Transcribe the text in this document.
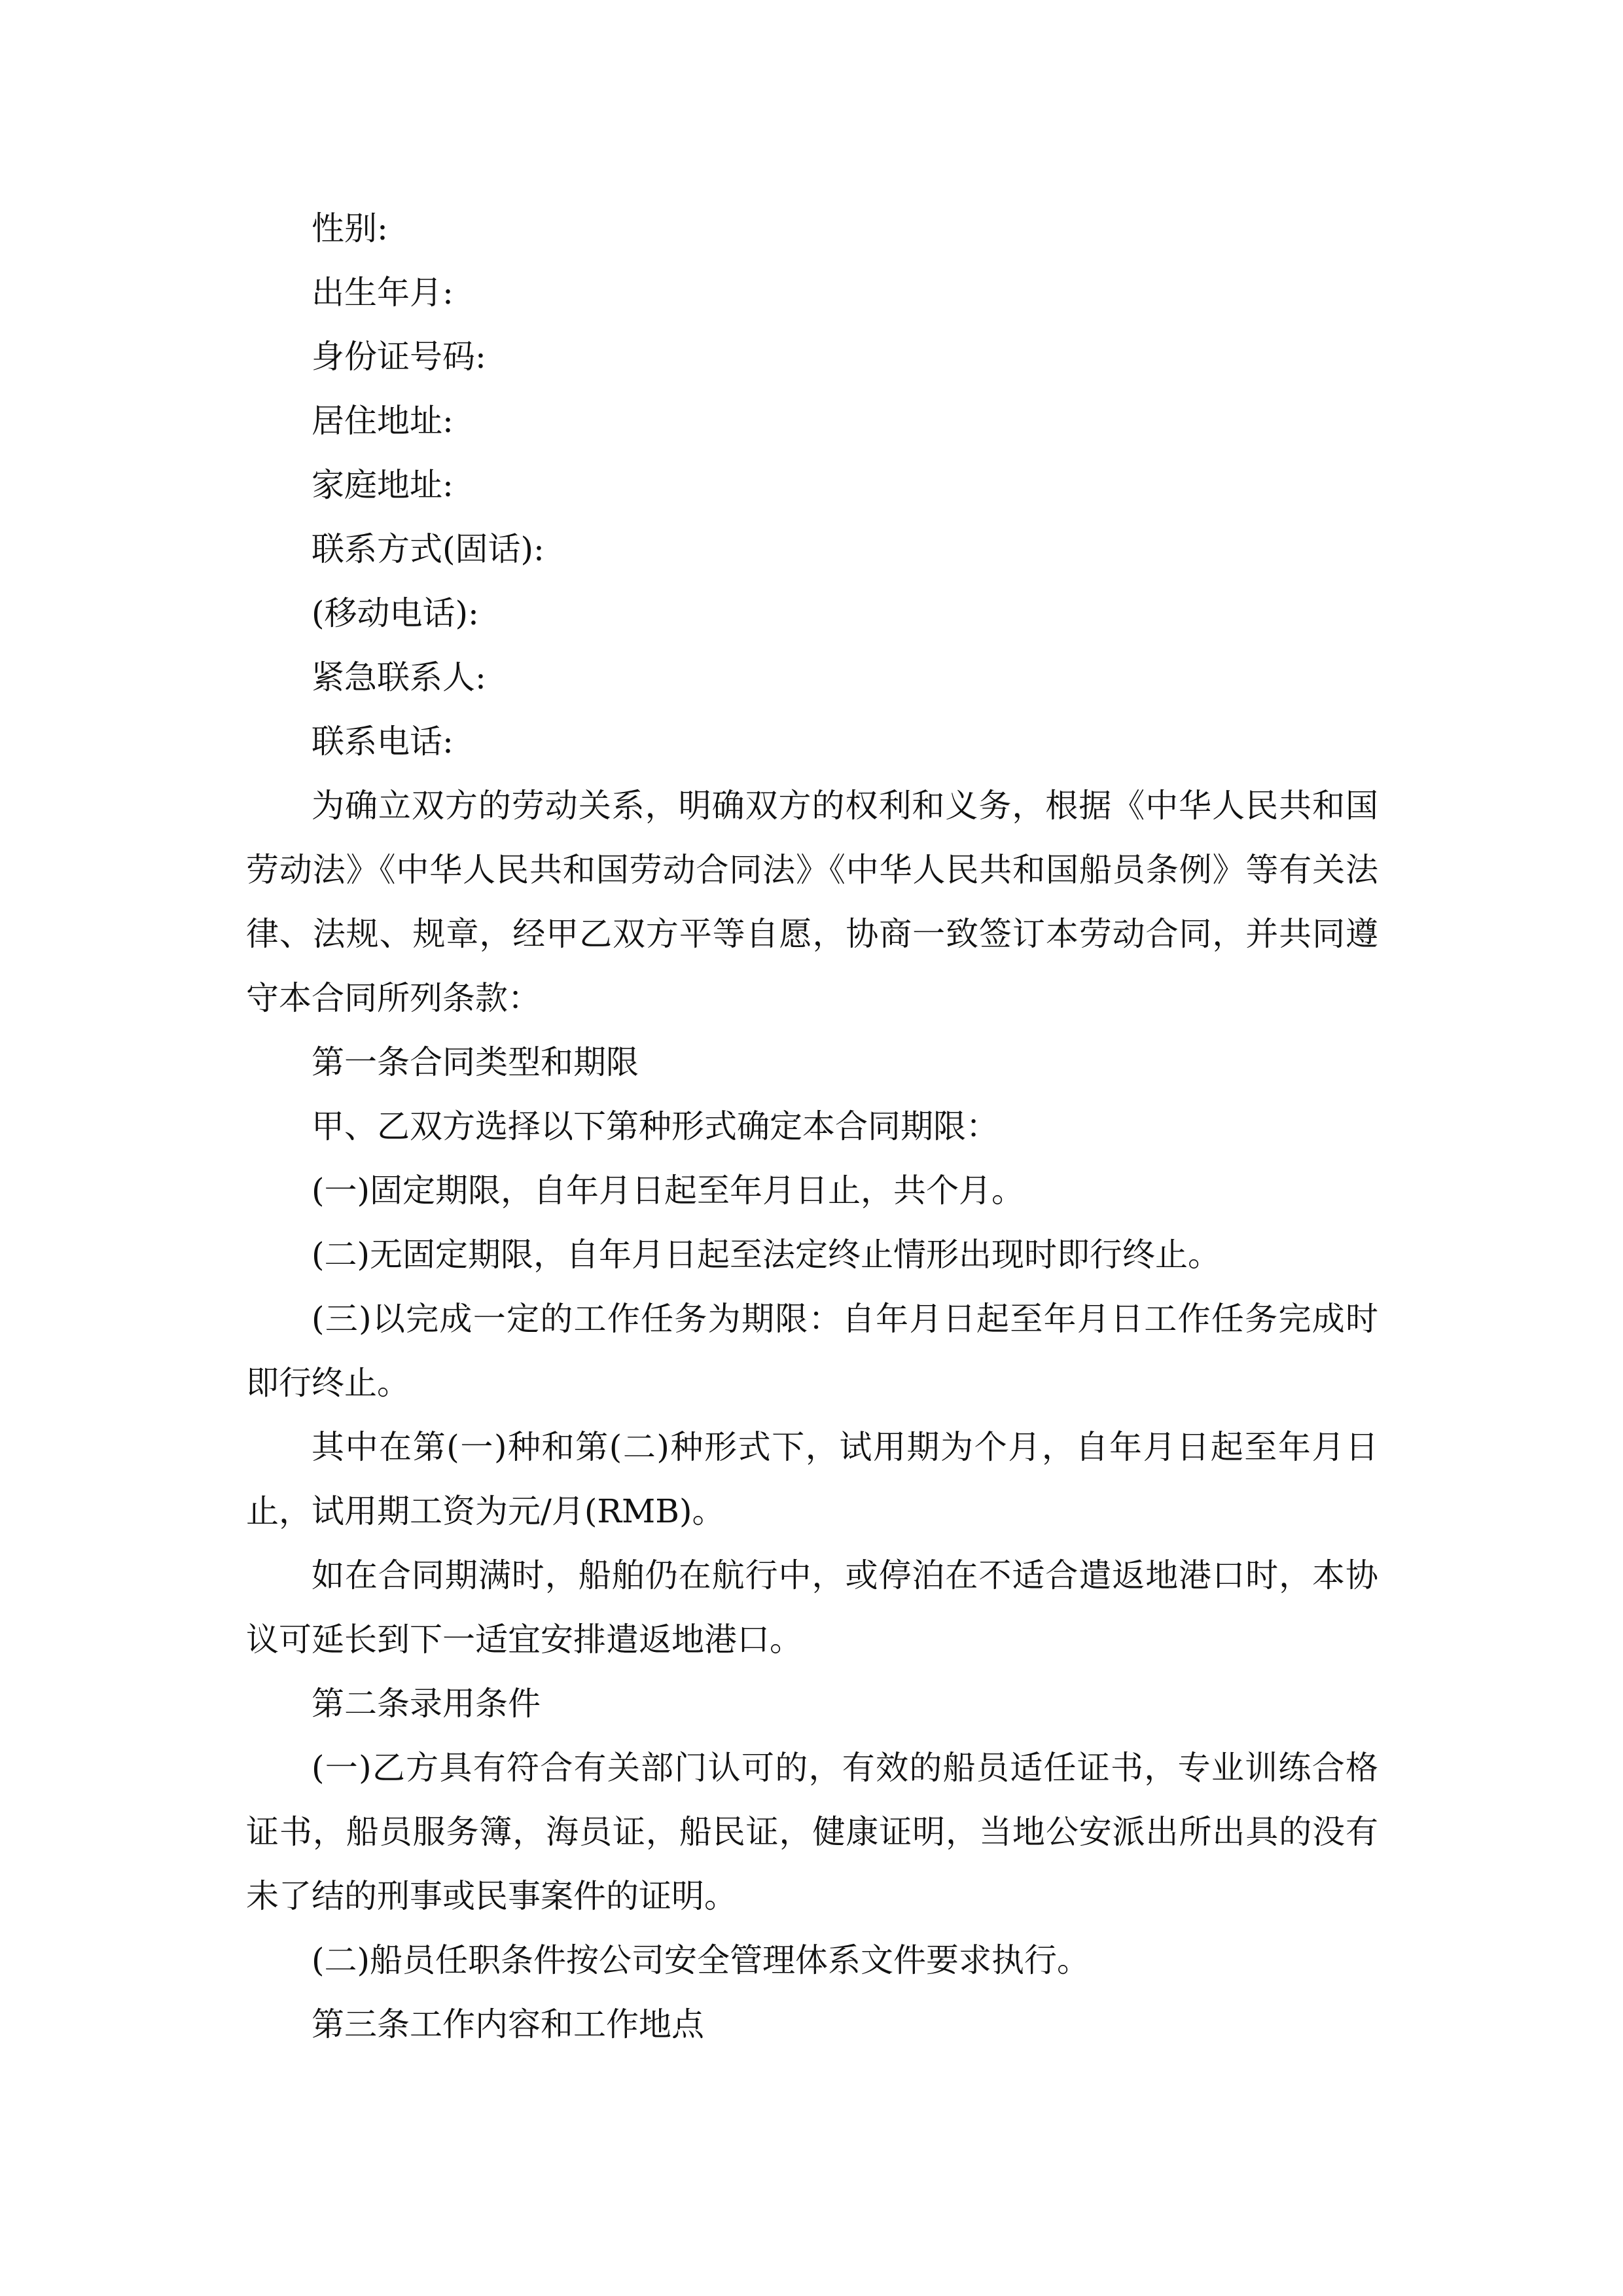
性别:

出生年月:

身份证号码:

居住地址:

家庭地址:

联系方式(固话):

(移动电话):

紧急联系人:

联系电话:

为确立双方的劳动关系，明确双方的权利和义务，根据《中华人民共和国劳动法》《中华人民共和国劳动合同法》《中华人民共和国船员条例》等有关法律、法规、规章，经甲乙双方平等自愿，协商一致签订本劳动合同，并共同遵守本合同所列条款：

第一条合同类型和期限

甲、乙双方选择以下第种形式确定本合同期限：

(一)固定期限，自年月日起至年月日止，共个月。

(二)无固定期限，自年月日起至法定终止情形出现时即行终止。

(三)以完成一定的工作任务为期限：自年月日起至年月日工作任务完成时即行终止。

其中在第(一)种和第(二)种形式下，试用期为个月，自年月日起至年月日止，试用期工资为元/月(RMB)。

如在合同期满时，船舶仍在航行中，或停泊在不适合遣返地港口时，本协议可延长到下一适宜安排遣返地港口。

第二条录用条件

(一)乙方具有符合有关部门认可的，有效的船员适任证书，专业训练合格证书，船员服务簿，海员证，船民证，健康证明，当地公安派出所出具的没有未了结的刑事或民事案件的证明。

(二)船员任职条件按公司安全管理体系文件要求执行。

第三条工作内容和工作地点
